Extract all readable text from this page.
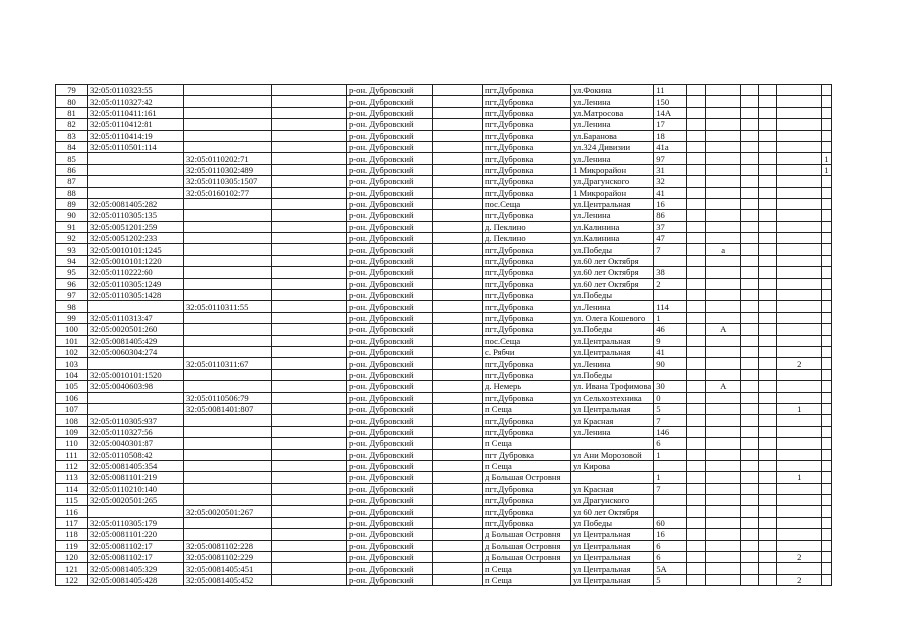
79	32:05:0110323:55			р-он. Дубровский		пгт.Дубровка	ул.Фокина	11						
80	32:05:0110327:42			р-он. Дубровский		пгт.Дубровка	ул.Ленина	150						
81	32:05:0110411:161			р-он. Дубровский		пгт.Дубровка	ул.Матросова	14А						
82	32:05:0110412:81			р-он. Дубровский		пгт.Дубровка	ул.Ленина	17						
83	32:05:0110414:19			р-он. Дубровский		пгт.Дубровка	ул.Баранова	18						
84	32:05:0110501:114			р-он. Дубровский		пгт.Дубровка	ул.324 Дивизии	41а						
85		32:05:0110202:71		р-он. Дубровский		пгт.Дубровка	ул.Ленина	97						1
86		32:05:0110302:489		р-он. Дубровский		пгт.Дубровка	1 Микрорайон	31						1
87		32:05:0110305:1507		р-он. Дубровский		пгт.Дубровка	ул.Драгунского	32						
88		32:05:0160102:77		р-он. Дубровский		пгт.Дубровка	1 Микрорайон	41						
89	32:05:0081405:282			р-он. Дубровский		пос.Сеща	ул.Центральная	16						
90	32:05:0110305:135			р-он. Дубровский		пгт.Дубровка	ул.Ленина	86						
91	32:05:0051201:259			р-он. Дубровский		д. Пеклино	ул.Калинина	37						
92	32:05:0051202:233			р-он. Дубровский		д. Пеклино	ул.Калинина	47						
93	32:05:0010101:1245			р-он. Дубровский		пгт.Дубровка	ул.Победы	7		а				
94	32:05:0010101:1220			р-он. Дубровский		пгт.Дубровка	ул.60 лет Октября							
95	32:05:0110222:60			р-он. Дубровский		пгт.Дубровка	ул.60 лет Октября	38						
96	32:05:0110305:1249			р-он. Дубровский		пгт.Дубровка	ул.60 лет Октября	2						
97	32:05:0110305:1428			р-он. Дубровский		пгт.Дубровка	ул.Победы							
98		32:05:0110311:55		р-он. Дубровский		пгт.Дубровка	ул.Ленина	114						
99	32:05:0110313:47			р-он. Дубровский		пгт.Дубровка	ул. Олега Кошевого	1						
100	32:05:0020501:260			р-он. Дубровский		пгт.Дубровка	ул.Победы	46		А				
101	32:05:0081405:429			р-он. Дубровский		пос.Сеща	ул.Центральная	9						
102	32:05:0060304:274			р-он. Дубровский		с. Рябчи	ул.Центральная	41						
103		32:05:0110311:67		р-он. Дубровский		пгт.Дубровка	ул.Ленина	90					2	
104	32:05:0010101:1520			р-он. Дубровский		пгт.Дубровка	ул.Победы							
105	32:05:0040603:98			р-он. Дубровский		д. Немерь	ул. Ивана Трофимова	30		А				
106		32:05:0110506:79		р-он. Дубровский		пгт.Дубровка	ул Сельхозтехника	0						
107		32:05:0081401:807		р-он. Дубровский		п Сеща	ул Центральная	5					1	
108	32:05:0110305:937			р-он. Дубровский		пгт.Дубровка	ул Красная	7						
109	32:05:0110327:56			р-он. Дубровский		пгт.Дубровка	ул.Ленина	146						
110	32:05:0040301:87			р-он. Дубровский		п Сеща		6						
111	32:05:0110508:42			р-он. Дубровский		пгт Дубровка	ул Ани Морозовой	1						
112	32:05:0081405:354			р-он. Дубровский		п Сеща	ул Кирова							
113	32:05:0081101:219			р-он. Дубровский		д Большая Островня		1					1	
114	32:05:0110210:140			р-он. Дубровский		пгт.Дубровка	ул Красная	7						
115	32:05:0020501:265			р-он. Дубровский		пгт.Дубровка	ул Драгунского							
116		32:05:0020501:267		р-он. Дубровский		пгт.Дубровка	ул 60 лет Октября							
117	32:05:0110305:179			р-он. Дубровский		пгт.Дубровка	ул Победы	60						
118	32:05:0081101:220			р-он. Дубровский		д Большая Островня	ул Центральная	16						
119	32:05:0081102:17	32:05:0081102:228		р-он. Дубровский		д Большая Островня	ул Центральная	6						
120	32:05:0081102:17	32:05:0081102:229		р-он. Дубровский		д Большая Островня	ул Центральная	6					2	
121	32:05:0081405:329	32:05:0081405:451		р-он. Дубровский		п Сеща	ул Центральная	5А						
122	32:05:0081405:428	32:05:0081405:452		р-он. Дубровский		п Сеща	ул Центральная	5					2	
